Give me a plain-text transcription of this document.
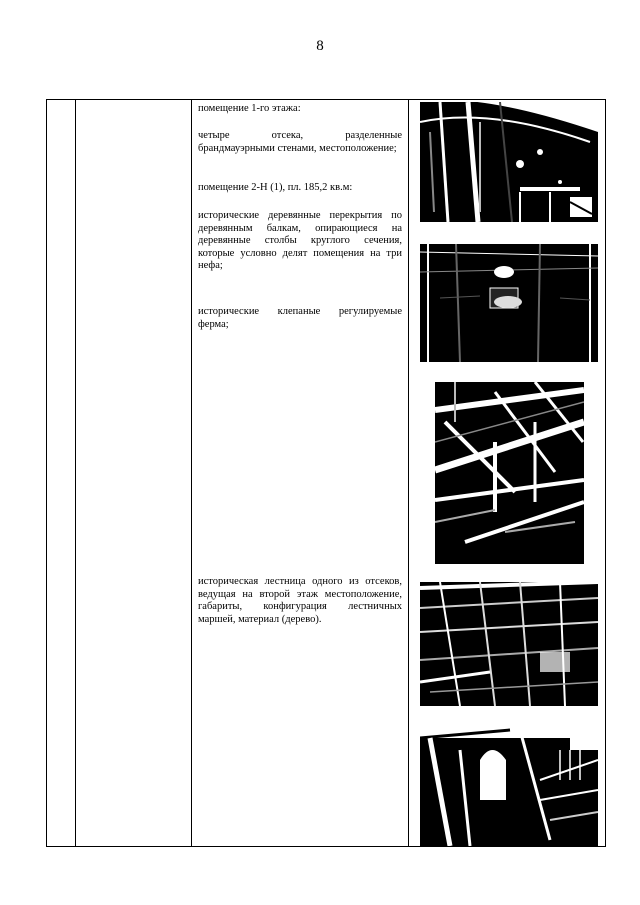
8

помещение 1-го этажа:
четыре отсека, разделенные брандмауэрными стенами, местоположение;
помещение 2-Н (1), пл. 185,2 кв.м:
исторические деревянные перекрытия по деревянным балкам, опирающиеся на деревянные столбы круглого сечения, которые условно делят помещения на три нефа;
исторические клепаные регулируемые ферма;
историческая лестница одного из отсеков, ведущая на второй этаж местоположение, габариты, конфигурация лестничных маршей, материал (дерево).
